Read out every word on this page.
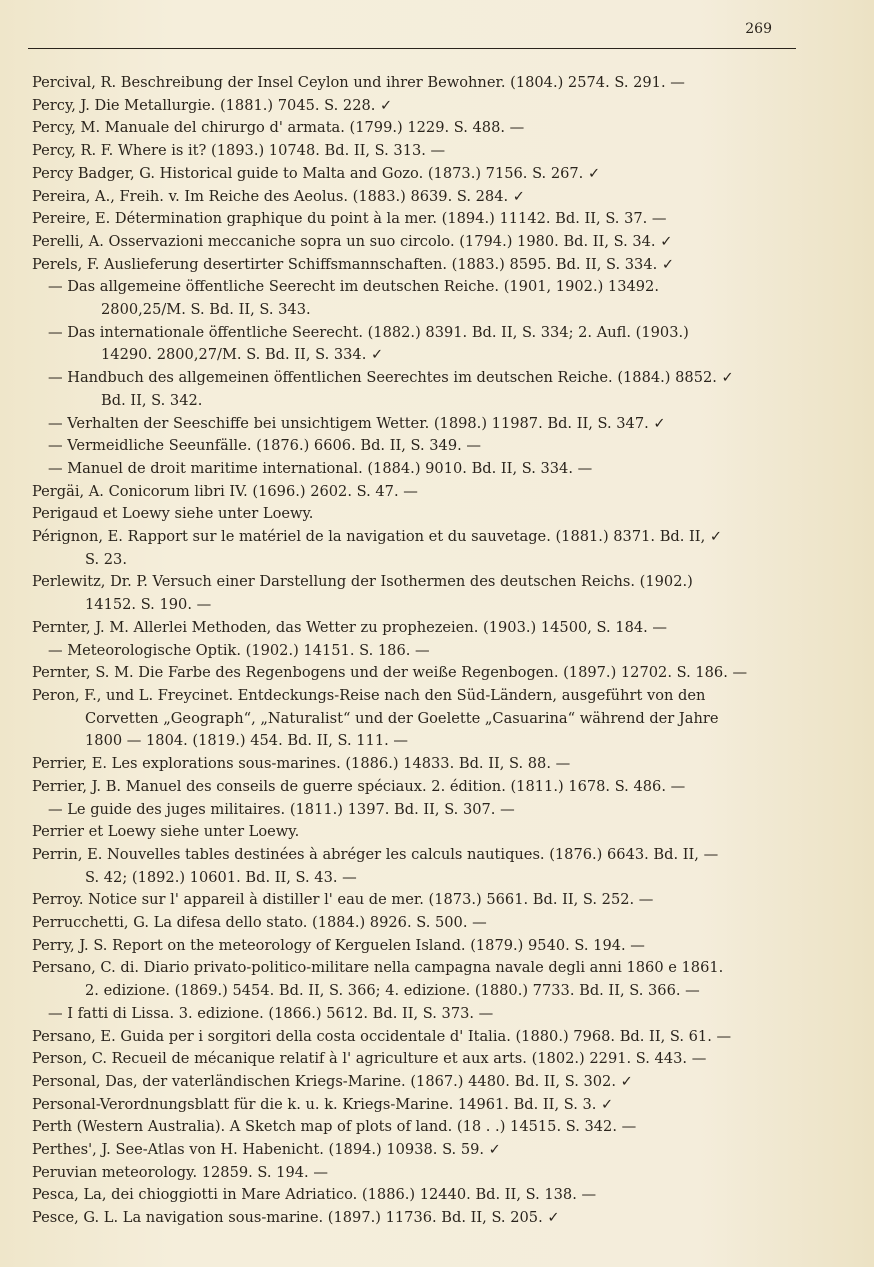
269
Percival, R. Beschreibung der Insel Ceylon und ihrer Bewohner. (1804.) 2574. S. 291. —
Percy, J. Die Metallurgie. (1881.) 7045. S. 228. ✓
Percy, M. Manuale del chirurgo d' armata. (1799.) 1229. S. 488. —
Percy, R. F. Where is it? (1893.) 10748. Bd. II, S. 313. —
Percy Badger, G. Historical guide to Malta and Gozo. (1873.) 7156. S. 267. ✓
Pereira, A., Freih. v. Im Reiche des Aeolus. (1883.) 8639. S. 284. ✓
Pereire, E. Détermination graphique du point à la mer. (1894.) 11142. Bd. II, S. 37. —
Perelli, A. Osservazioni meccaniche sopra un suo circolo. (1794.) 1980. Bd. II, S. 34. ✓
Perels, F. Auslieferung desertirter Schiffsmannschaften. (1883.) 8595. Bd. II, S. 334. ✓
— Das allgemeine öffentliche Seerecht im deutschen Reiche. (1901, 1902.) 13492.
2800,25/M. S. Bd. II, S. 343.
— Das internationale öffentliche Seerecht. (1882.) 8391. Bd. II, S. 334; 2. Aufl. (1903.)
14290. 2800,27/M. S. Bd. II, S. 334. ✓
— Handbuch des allgemeinen öffentlichen Seerechtes im deutschen Reiche. (1884.) 8852. ✓
Bd. II, S. 342.
— Verhalten der Seeschiffe bei unsichtigem Wetter. (1898.) 11987. Bd. II, S. 347. ✓
— Vermeidliche Seeunfälle. (1876.) 6606. Bd. II, S. 349. —
— Manuel de droit maritime international. (1884.) 9010. Bd. II, S. 334. —
Pergäi, A. Conicorum libri IV. (1696.) 2602. S. 47. —
Perigaud et Loewy siehe unter Loewy.
Pérignon, E. Rapport sur le matériel de la navigation et du sauvetage. (1881.) 8371. Bd. II, ✓
S. 23.
Perlewitz, Dr. P. Versuch einer Darstellung der Isothermen des deutschen Reichs. (1902.)
14152. S. 190. —
Pernter, J. M. Allerlei Methoden, das Wetter zu prophezeien. (1903.) 14500, S. 184. —
— Meteorologische Optik. (1902.) 14151. S. 186. —
Pernter, S. M. Die Farbe des Regenbogens und der weiße Regenbogen. (1897.) 12702. S. 186. —
Peron, F., und L. Freycinet. Entdeckungs-Reise nach den Süd-Ländern, ausgeführt von den
Corvetten „Geograph“, „Naturalist“ und der Goelette „Casuarina“ während der Jahre
1800 — 1804. (1819.) 454. Bd. II, S. 111. —
Perrier, E. Les explorations sous-marines. (1886.) 14833. Bd. II, S. 88. —
Perrier, J. B. Manuel des conseils de guerre spéciaux. 2. édition. (1811.) 1678. S. 486. —
— Le guide des juges militaires. (1811.) 1397. Bd. II, S. 307. —
Perrier et Loewy siehe unter Loewy.
Perrin, E. Nouvelles tables destinées à abréger les calculs nautiques. (1876.) 6643. Bd. II, —
S. 42; (1892.) 10601. Bd. II, S. 43. —
Perroy. Notice sur l' appareil à distiller l' eau de mer. (1873.) 5661. Bd. II, S. 252. —
Perrucchetti, G. La difesa dello stato. (1884.) 8926. S. 500. —
Perry, J. S. Report on the meteorology of Kerguelen Island. (1879.) 9540. S. 194. —
Persano, C. di. Diario privato-politico-militare nella campagna navale degli anni 1860 e 1861.
2. edizione. (1869.) 5454. Bd. II, S. 366; 4. edizione. (1880.) 7733. Bd. II, S. 366. —
— I fatti di Lissa. 3. edizione. (1866.) 5612. Bd. II, S. 373. —
Persano, E. Guida per i sorgitori della costa occidentale d' Italia. (1880.) 7968. Bd. II, S. 61. —
Person, C. Recueil de mécanique relatif à l' agriculture et aux arts. (1802.) 2291. S. 443. —
Personal, Das, der vaterländischen Kriegs-Marine. (1867.) 4480. Bd. II, S. 302. ✓
Personal-Verordnungsblatt für die k. u. k. Kriegs-Marine. 14961. Bd. II, S. 3. ✓
Perth (Western Australia). A Sketch map of plots of land. (18 . .) 14515. S. 342. —
Perthes', J. See-Atlas von H. Habenicht. (1894.) 10938. S. 59. ✓
Peruvian meteorology. 12859. S. 194. —
Pesca, La, dei chioggiotti in Mare Adriatico. (1886.) 12440. Bd. II, S. 138. —
Pesce, G. L. La navigation sous-marine. (1897.) 11736. Bd. II, S. 205. ✓
